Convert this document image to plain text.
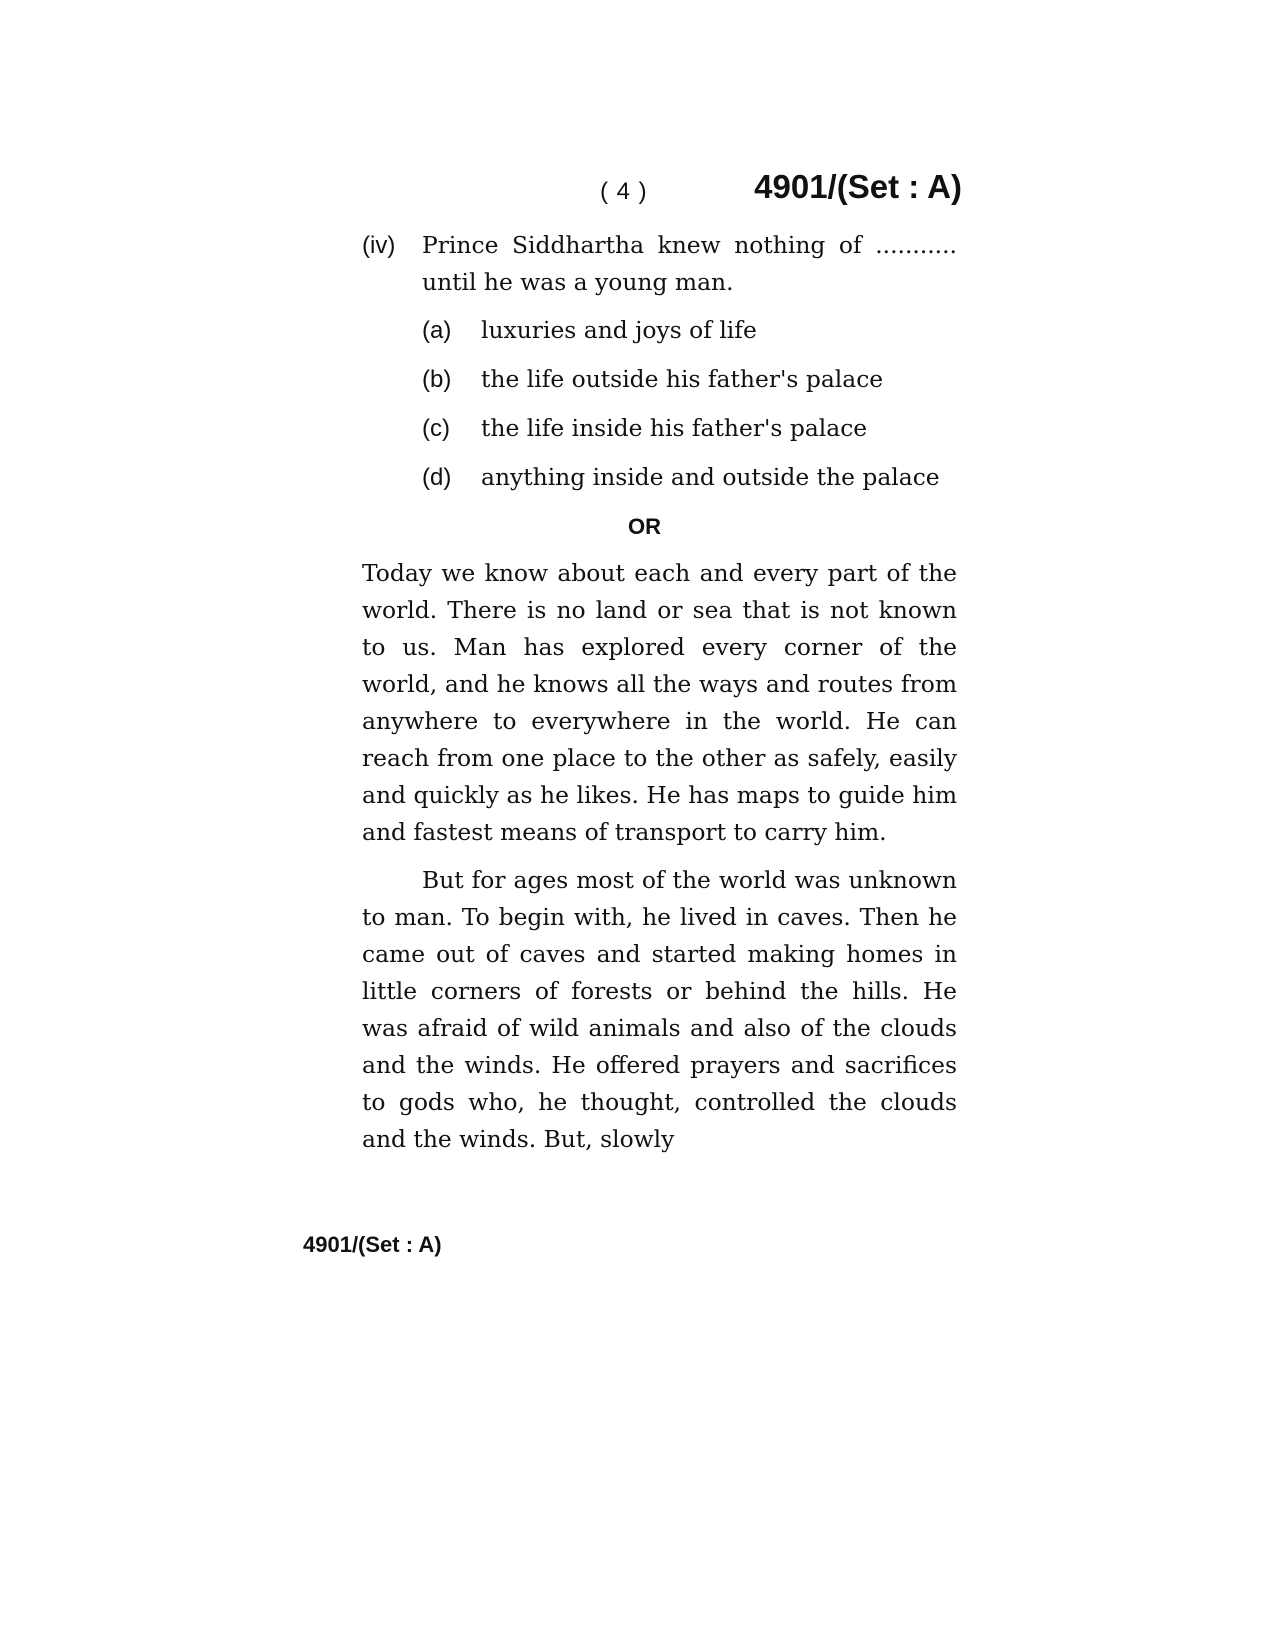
( 4 )	4901/(Set : A)
(iv)	Prince Siddhartha knew nothing of ........... until he was a young man.
(a)	luxuries and joys of life
(b)	the life outside his father's palace
(c)	the life inside his father's palace
(d)	anything inside and outside the palace
OR

Today we know about each and every part of the world. There is no land or sea that is not known to us. Man has explored every corner of the world, and he knows all the ways and routes from anywhere to everywhere in the world. He can reach from one place to the other as safely, easily and quickly as he likes. He has maps to guide him and fastest means of transport to carry him.

But for ages most of the world was unknown to man. To begin with, he lived in caves. Then he came out of caves and started making homes in little corners of forests or behind the hills. He was afraid of wild animals and also of the clouds and the winds. He offered prayers and sacrifices to gods who, he thought, controlled the clouds and the winds. But, slowly

4901/(Set : A)
